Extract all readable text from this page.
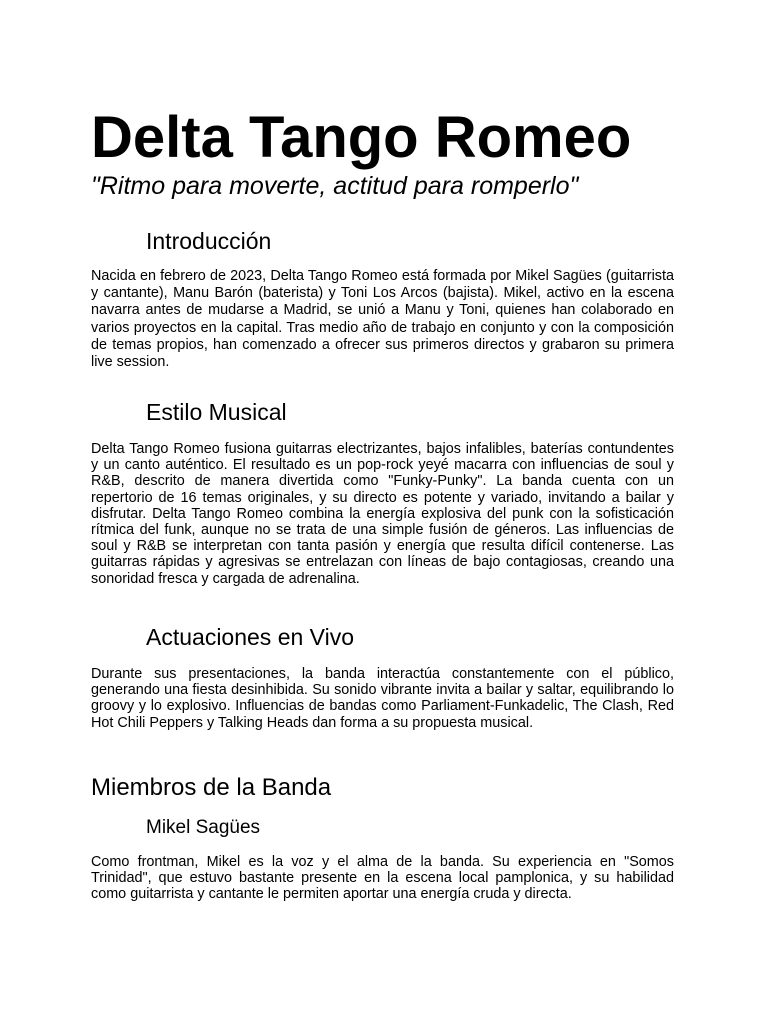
Delta Tango Romeo
"Ritmo para moverte, actitud para romperlo"
Introducción

Nacida en febrero de 2023, Delta Tango Romeo está formada por Mikel Sagües (guitarrista y cantante), Manu Barón (baterista) y Toni Los Arcos (bajista). Mikel, activo en la escena navarra antes de mudarse a Madrid, se unió a Manu y Toni, quienes han colaborado en varios proyectos en la capital. Tras medio año de trabajo en conjunto y con la composición de temas propios, han comenzado a ofrecer sus primeros directos y grabaron su primera live session.

Estilo Musical

Delta Tango Romeo fusiona guitarras electrizantes, bajos infalibles, baterías contundentes y un canto auténtico. El resultado es un pop-rock yeyé macarra con influencias de soul y R&B, descrito de manera divertida como "Funky-Punky". La banda cuenta con un repertorio de 16 temas originales, y su directo es potente y variado, invitando a bailar y disfrutar. Delta Tango Romeo combina la energía explosiva del punk con la sofisticación rítmica del funk, aunque no se trata de una simple fusión de géneros. Las influencias de soul y R&B se interpretan con tanta pasión y energía que resulta difícil contenerse. Las guitarras rápidas y agresivas se entrelazan con líneas de bajo contagiosas, creando una sonoridad fresca y cargada de adrenalina.

Actuaciones en Vivo

Durante sus presentaciones, la banda interactúa constantemente con el público, generando una fiesta desinhibida. Su sonido vibrante invita a bailar y saltar, equilibrando lo groovy y lo explosivo. Influencias de bandas como Parliament-Funkadelic, The Clash, Red Hot Chili Peppers y Talking Heads dan forma a su propuesta musical.

Miembros de la Banda
Mikel Sagües

Como frontman, Mikel es la voz y el alma de la banda. Su experiencia en "Somos Trinidad", que estuvo bastante presente en la escena local pamplonica, y su habilidad como guitarrista y cantante le permiten aportar una energía cruda y directa.
